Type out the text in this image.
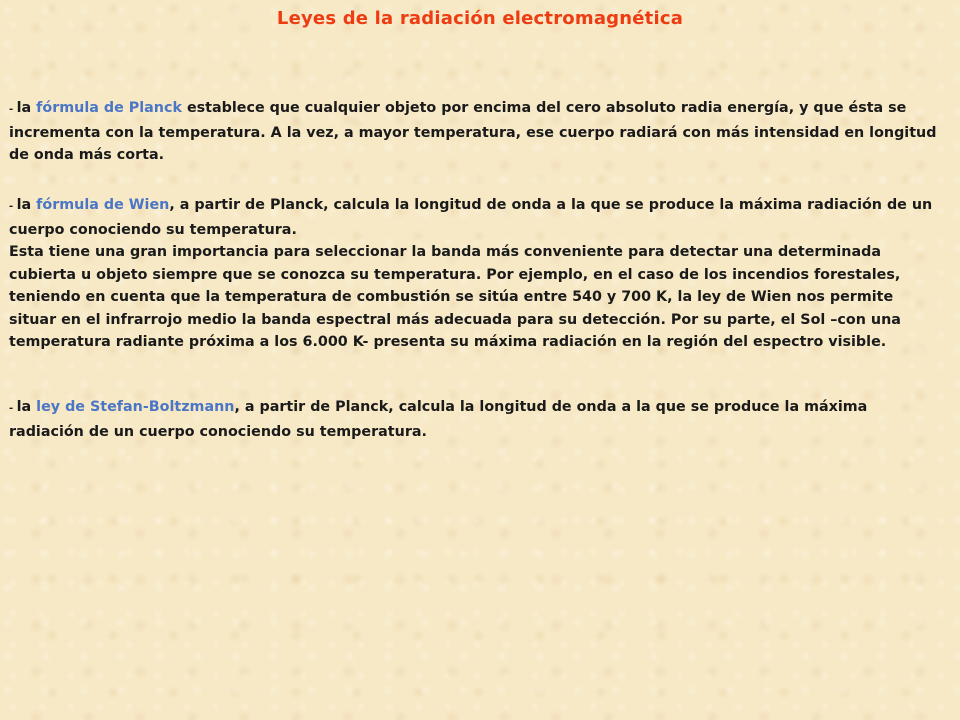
Leyes de la radiación electromagnética
- la fórmula de Planck establece que cualquier objeto por encima del cero absoluto radia energía, y que ésta se incrementa con la temperatura. A la vez, a mayor temperatura, ese cuerpo radiará con más intensidad en longitud de onda más corta.
- la fórmula de Wien, a partir de Planck, calcula la longitud de onda a la que se produce la máxima radiación de un cuerpo conociendo su temperatura.
Esta tiene una gran importancia para seleccionar la banda más conveniente para detectar una determinada cubierta u objeto siempre que se conozca su temperatura. Por ejemplo, en el caso de los incendios forestales, teniendo en cuenta que la temperatura de combustión se sitúa entre 540 y 700 K, la ley de Wien nos permite situar en el infrarrojo medio la banda espectral más adecuada para su detección. Por su parte, el Sol –con una temperatura radiante próxima a los 6.000 K- presenta su máxima radiación en la región del espectro visible.
- la ley de Stefan-Boltzmann, a partir de Planck, calcula la longitud de onda a la que se produce la máxima radiación de un cuerpo conociendo su temperatura.
